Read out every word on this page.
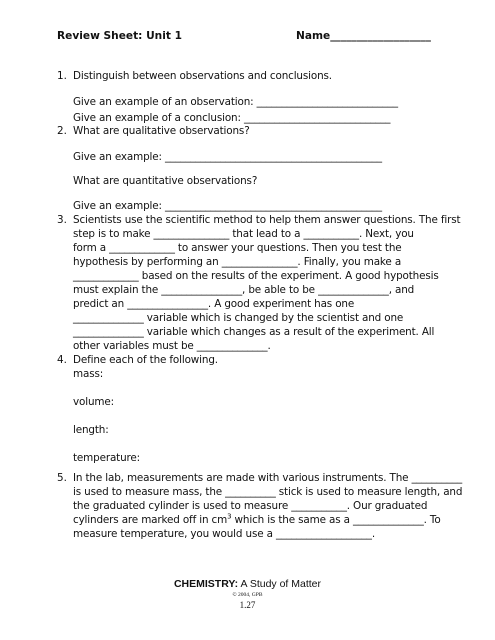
Review Sheet: Unit 1	Name___________________
1. Distinguish between observations and conclusions.
Give an example of an observation: ____________________________
Give an example of a conclusion: _____________________________
2. What are qualitative observations?
Give an example: ___________________________________________
What are quantitative observations?
Give an example: ___________________________________________
3. Scientists use the scientific method to help them answer questions. The first
step is to make _______________ that lead to a ___________. Next, you
form a _____________ to answer your questions. Then you test the
hypothesis by performing an _______________. Finally, you make a
_____________ based on the results of the experiment. A good hypothesis
must explain the ________________, be able to be ______________, and
predict an ________________. A good experiment has one
______________ variable which is changed by the scientist and one
______________ variable which changes as a result of the experiment. All
other variables must be ______________.
4. Define each of the following.
mass:
volume:
length:
temperature:
5. In the lab, measurements are made with various instruments. The __________
is used to measure mass, the __________ stick is used to measure length, and
the graduated cylinder is used to measure ___________. Our graduated
cylinders are marked off in $cm^3$ which is the same as a ______________. To
measure temperature, you would use a ___________________.
CHEMISTRY: A Study of Matter
© 2004, GPB
1.27
